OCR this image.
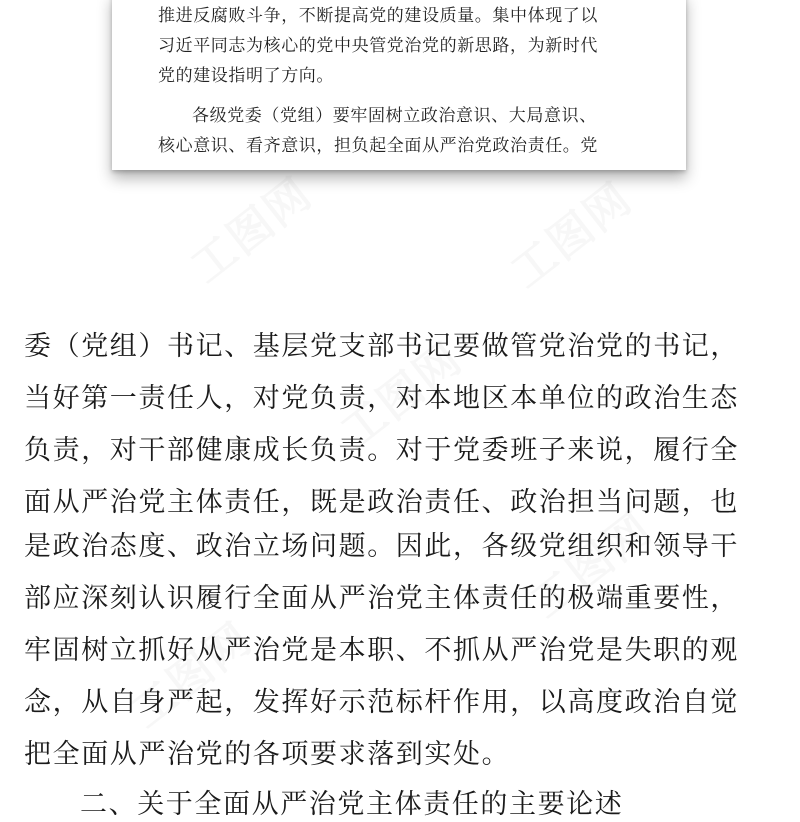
工图网	工图网
工图网
工图网
工图网
推进反腐败斗争，不断提高党的建设质量。集中体现了以
习近平同志为核心的党中央管党治党的新思路，为新时代
党的建设指明了方向。
各级党委（党组）要牢固树立政治意识、大局意识、
核心意识、看齐意识，担负起全面从严治党政治责任。党
委（党组）书记、基层党支部书记要做管党治党的书记，
当好第一责任人，对党负责，对本地区本单位的政治生态
负责，对干部健康成长负责。对于党委班子来说，履行全
面从严治党主体责任，既是政治责任、政治担当问题，也
是政治态度、政治立场问题。因此，各级党组织和领导干
部应深刻认识履行全面从严治党主体责任的极端重要性，
牢固树立抓好从严治党是本职、不抓从严治党是失职的观
念，从自身严起，发挥好示范标杆作用，以高度政治自觉
把全面从严治党的各项要求落到实处。
二、关于全面从严治党主体责任的主要论述
